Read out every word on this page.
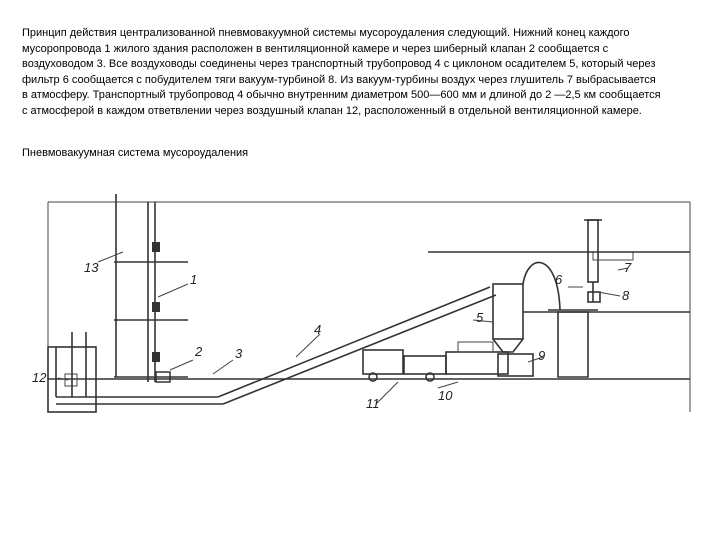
Принцип действия централизованной пневмовакуумной системы мусороудаления следующий. Нижний конец каждого мусоропровода 1 жилого здания расположен в вентиляционной камере и через шиберный клапан 2 сообщается с воздуховодом 3. Все воздуховоды соединены через транспортный трубопровод 4 с циклоном осадителем 5, который через фильтр 6 сообщается с побудителем тяги вакуум-турбиной 8. Из вакуум-турбины воздух через глушитель 7 выбрасывается в атмосферу. Транспортный трубопровод 4 обычно внутренним диаметром 500—600 мм и длиной до 2 —2,5 км сообщается с атмосферой в каждом ответвлении через воздушный клапан 12, расположенный в отдельной вентиляционной камере.

Пневмовакуумная система мусороудаления

13
1
2	3
4
5
6
7
8
9
10
11
12
